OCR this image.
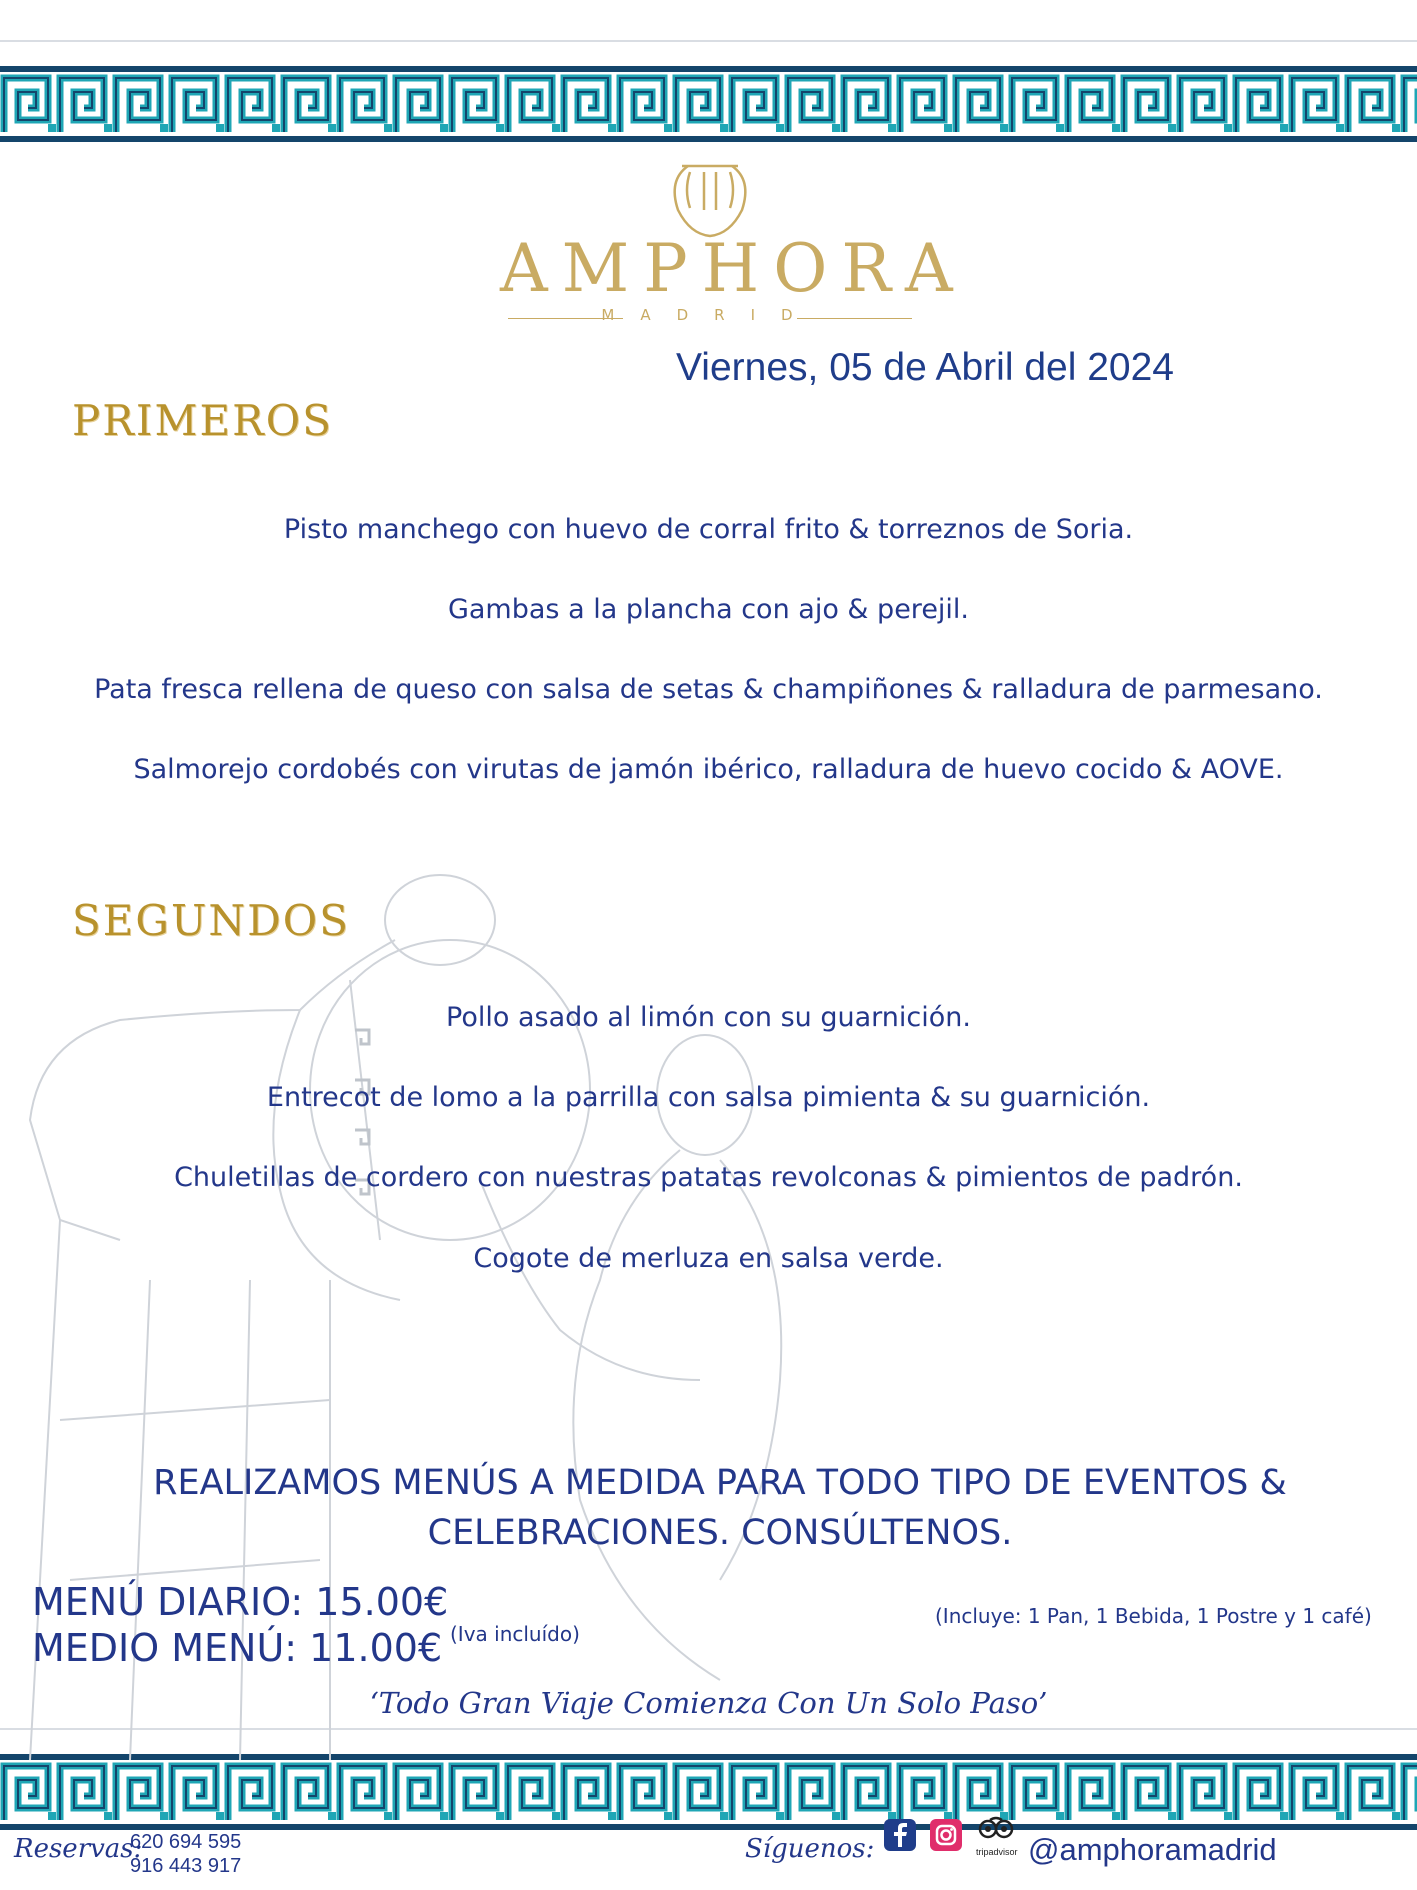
AMPHORA
MADRID
Viernes, 05 de Abril del 2024
PRIMEROS
Pisto manchego con huevo de corral frito & torreznos de Soria.
Gambas a la plancha con ajo & perejil.
Pata fresca rellena de queso con salsa de setas & champiñones & ralladura de parmesano.
Salmorejo cordobés con virutas de jamón ibérico, ralladura de huevo cocido & AOVE.
SEGUNDOS
Pollo asado al limón con su guarnición.
Entrecot de lomo a la parrilla con salsa pimienta & su guarnición.
Chuletillas de cordero con nuestras patatas revolconas & pimientos de padrón.
Cogote de merluza en salsa verde.
REALIZAMOS MENÚS A MEDIDA PARA TODO TIPO DE EVENTOS &
CELEBRACIONES. CONSÚLTENOS.
MENÚ DIARIO: 15.00€
MEDIO MENÚ: 11.00€ (Iva incluído)
(Incluye: 1 Pan, 1 Bebida, 1 Postre y 1 café)
‘Todo Gran Viaje Comienza Con Un Solo Paso’
Reservas:
620 694 595
916 443 917
Síguenos:	tripadvisor @amphoramadrid
